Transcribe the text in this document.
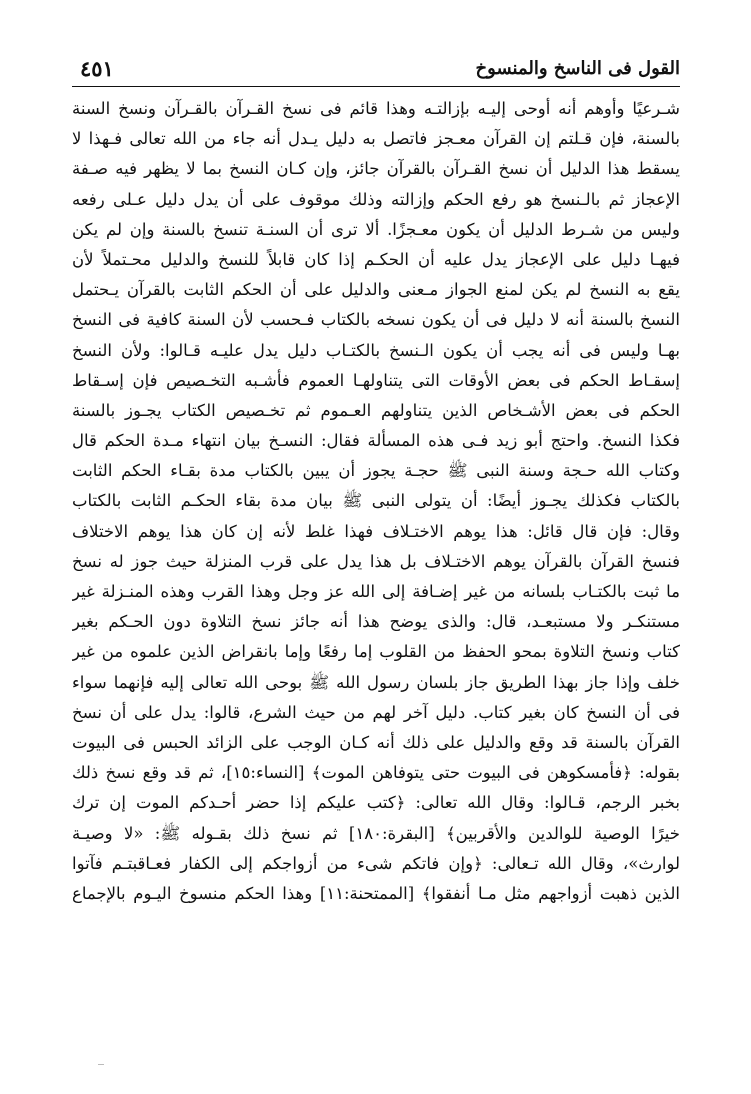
القول فى الناسخ والمنسوخ
٤٥١
شـرعيًا وأوهم أنه أوحى إليـه بإزالتـه وهذا قائم فى نسخ القـرآن بالقـرآن ونسخ السنة
بالسنة، فإن قـلتم إن القرآن معـجز فاتصل به دليل يـدل أنه جاء من الله تعالى فـهذا لا
يسقط هذا الدليل أن نسخ القـرآن بالقرآن جائز، وإن كـان النسخ بما لا يظهر فيه صـفة
الإعجاز ثم بالـنسخ هو رفع الحكم وإزالته وذلك موقوف على أن يدل دليل عـلى رفعه
وليس من شـرط الدليل أن يكون معـجزًا. ألا ترى أن السنـة تنسخ بالسنة وإن لم يكن
فيهـا دليل على الإعجاز يدل عليه أن الحكـم إذا كان قابلاً للنسخ والدليل محـتملاً لأن
يقع به النسخ لم يكن لمنع الجواز مـعنى والدليل على أن الحكم الثابت بالقرآن يـحتمل
النسخ بالسنة أنه لا دليل فى أن يكون نسخه بالكتاب فـحسب لأن السنة كافية فى النسخ
بهـا وليس فى أنه يجب أن يكون الـنسخ بالكتـاب دليل يدل عليـه قـالوا: ولأن النسخ
إسقـاط الحكم فى بعض الأوقات التى يتناولهـا العموم فأشـبه التخـصيص فإن إسـقاط
الحكم فى بعض الأشـخاص الذين يتناولهم العـموم ثم تخـصيص الكتاب يجـوز بالسنة
فكذا النسخ. واحتج أبو زيد فـى هذه المسألة فقال: النسـخ بيان انتهاء مـدة الحكم قال
وكتاب الله حـجة وسنة النبى ﷺ حجـة يجوز أن يبين بالكتاب مدة بقـاء الحكم الثابت
بالكتاب فكذلك يجـوز أيضًا: أن يتولى النبى ﷺ بيان مدة بقاء الحكـم الثابت بالكتاب
وقال: فإن قال قائل: هذا يوهم الاختـلاف فهذا غلط لأنه إن كان هذا يوهم الاختلاف
فنسخ القرآن بالقرآن يوهم الاختـلاف بل هذا يدل على قرب المنزلة حيث جوز له نسخ
ما ثبت بالكتـاب بلسانه من غير إضـافة إلى الله عز وجل وهذا القرب وهذه المنـزلة غير
مستنكـر ولا مستبعـد، قال: والذى يوضح هذا أنه جائز نسخ التلاوة دون الحـكم بغير
كتاب ونسخ التلاوة بمحو الحفظ من القلوب إما رفعًا وإما بانقراض الذين علموه من غير
خلف وإذا جاز بهذا الطريق جاز بلسان رسول الله ﷺ بوحى الله تعالى إليه فإنهما سواء
فى أن النسخ كان بغير كتاب. دليل آخر لهم من حيث الشرع، قالوا: يدل على أن نسخ
القرآن بالسنة قد وقع والدليل على ذلك أنه كـان الوجب على الزائد الحبس فى البيوت
بقوله: ﴿فأمسكوهن فى البيوت حتى يتوفاهن الموت﴾ [النساء:١٥]، ثم قد وقع نسخ ذلك
بخبر الرجم، قـالوا: وقال الله تعالى: ﴿كتب عليكم إذا حضر أحـدكم الموت إن ترك
خيرًا الوصية للوالدين والأقربين﴾ [البقرة:١٨٠] ثم نسخ ذلك بقـوله ﷺ: «لا وصيـة
لوارث»، وقال الله تـعالى: ﴿وإن فاتكم شىء من أزواجكم إلى الكفار فعـاقبتـم فآتوا
الذين ذهبت أزواجهم مثل مـا أنفقوا﴾ [الممتحنة:١١] وهذا الحكم منسوخ اليـوم بالإجماع
